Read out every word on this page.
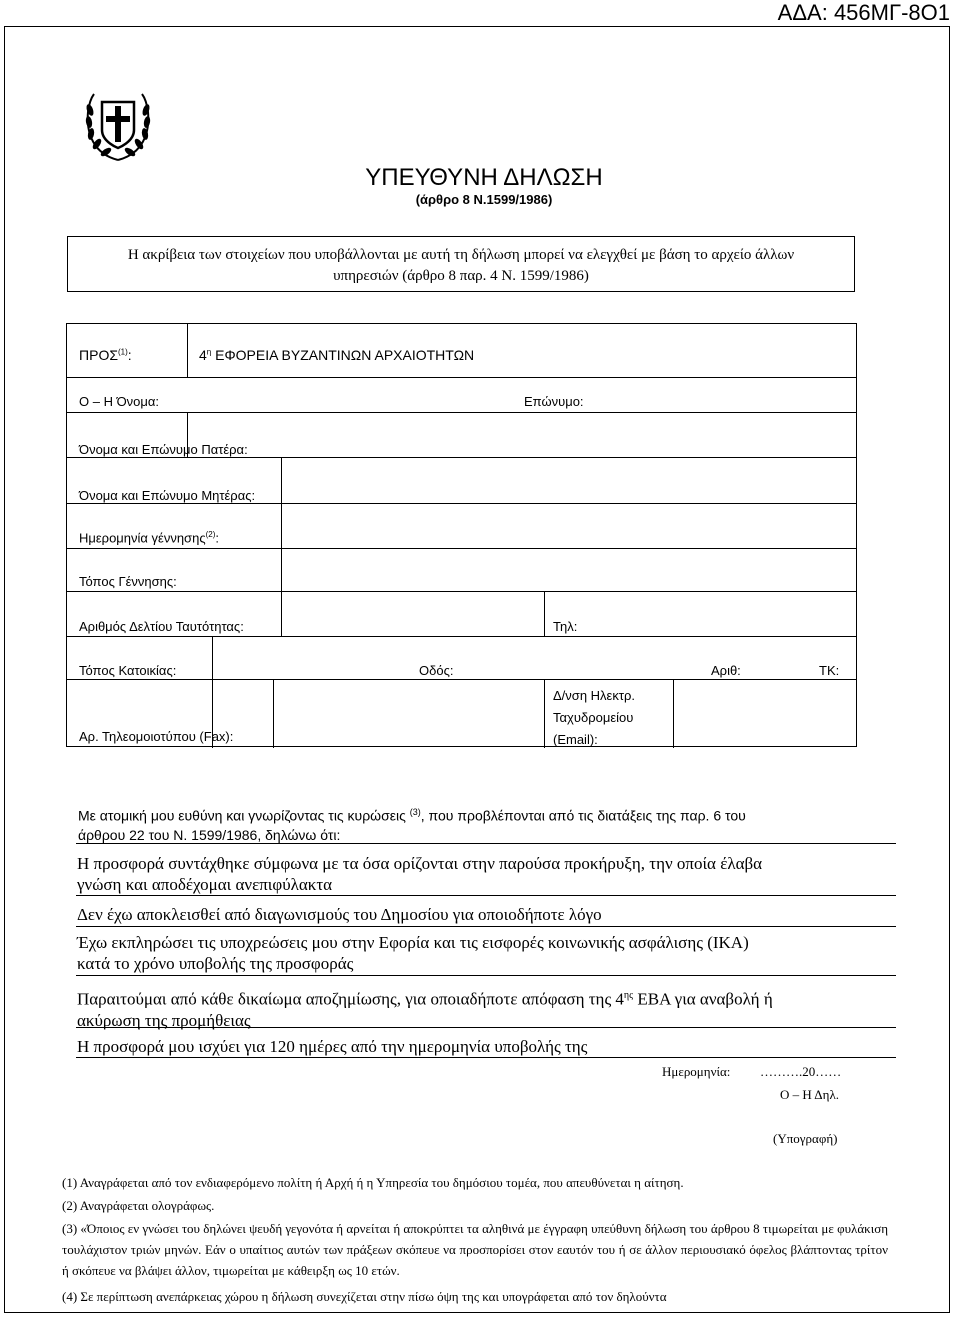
ΑΔΑ: 456ΜΓ-8Ο1
ΥΠΕΥΘΥΝΗ ΔΗΛΩΣΗ
(άρθρο 8 Ν.1599/1986)
Η ακρίβεια των στοιχείων που υποβάλλονται με αυτή τη δήλωση μπορεί να ελεγχθεί με βάση το αρχείο άλλων
υπηρεσιών (άρθρο 8 παρ. 4 Ν. 1599/1986)
ΠΡΟΣ$^{(1)}$:	$4^\eta$ ΕΦΟΡΕΙΑ ΒΥΖΑΝΤΙΝΩΝ ΑΡΧΑΙΟΤΗΤΩΝ
Ο – Η Όνομα:	Επώνυμο:
Όνομα και Επώνυμο Πατέρα:
Όνομα και Επώνυμο Μητέρας:
Ημερομηνία γέννησης$^{(2)}$:
Τόπος Γέννησης:
Αριθμός Δελτίου Ταυτότητας:	Τηλ:
Τόπος Κατοικίας:	Οδός:	Αριθ:	ΤΚ:
Αρ. Τηλεομοιοτύπου (Fax):
Δ/νση Ηλεκτρ.
Ταχυδρομείου
(Email):
Με ατομική μου ευθύνη και γνωρίζοντας τις κυρώσεις $^{(3)}$, που προβλέπονται από τις διατάξεις της παρ. 6 του
άρθρου 22 του Ν. 1599/1986, δηλώνω ότι:
Η προσφορά συντάχθηκε σύμφωνα με τα όσα ορίζονται στην παρούσα προκήρυξη, την οποία έλαβα
γνώση και αποδέχομαι ανεπιφύλακτα
Δεν έχω αποκλεισθεί από διαγωνισμούς του Δημοσίου για οποιοδήποτε λόγο
Έχω εκπληρώσει τις υποχρεώσεις μου στην Εφορία και τις εισφορές κοινωνικής ασφάλισης (ΙΚΑ)
κατά το χρόνο υποβολής της προσφοράς
Παραιτούμαι από κάθε δικαίωμα αποζημίωσης, για οποιαδήποτε απόφαση της $4^{\eta\varsigma}$ ΕΒΑ για αναβολή ή
ακύρωση της προμήθειας
Η προσφορά μου ισχύει για 120 ημέρες από την ημερομηνία υποβολής της
Ημερομηνία: ……….20……
Ο – Η Δηλ.
(Υπογραφή)
(1) Αναγράφεται από τον ενδιαφερόμενο πολίτη ή Αρχή ή η Υπηρεσία του δημόσιου τομέα, που απευθύνεται η αίτηση.
(2) Αναγράφεται ολογράφως.
(3) «Όποιος εν γνώσει του δηλώνει ψευδή γεγονότα ή αρνείται ή αποκρύπτει τα αληθινά με έγγραφη υπεύθυνη δήλωση του άρθρου 8 τιμωρείται με φυλάκιση τουλάχιστον τριών μηνών. Εάν ο υπαίτιος αυτών των πράξεων σκόπευε να προσπορίσει στον εαυτόν του ή σε άλλον περιουσιακό όφελος βλάπτοντας τρίτον ή σκόπευε να βλάψει άλλον, τιμωρείται με κάθειρξη ως 10 ετών.
(4) Σε περίπτωση ανεπάρκειας χώρου η δήλωση συνεχίζεται στην πίσω όψη της και υπογράφεται από τον δηλούντα
